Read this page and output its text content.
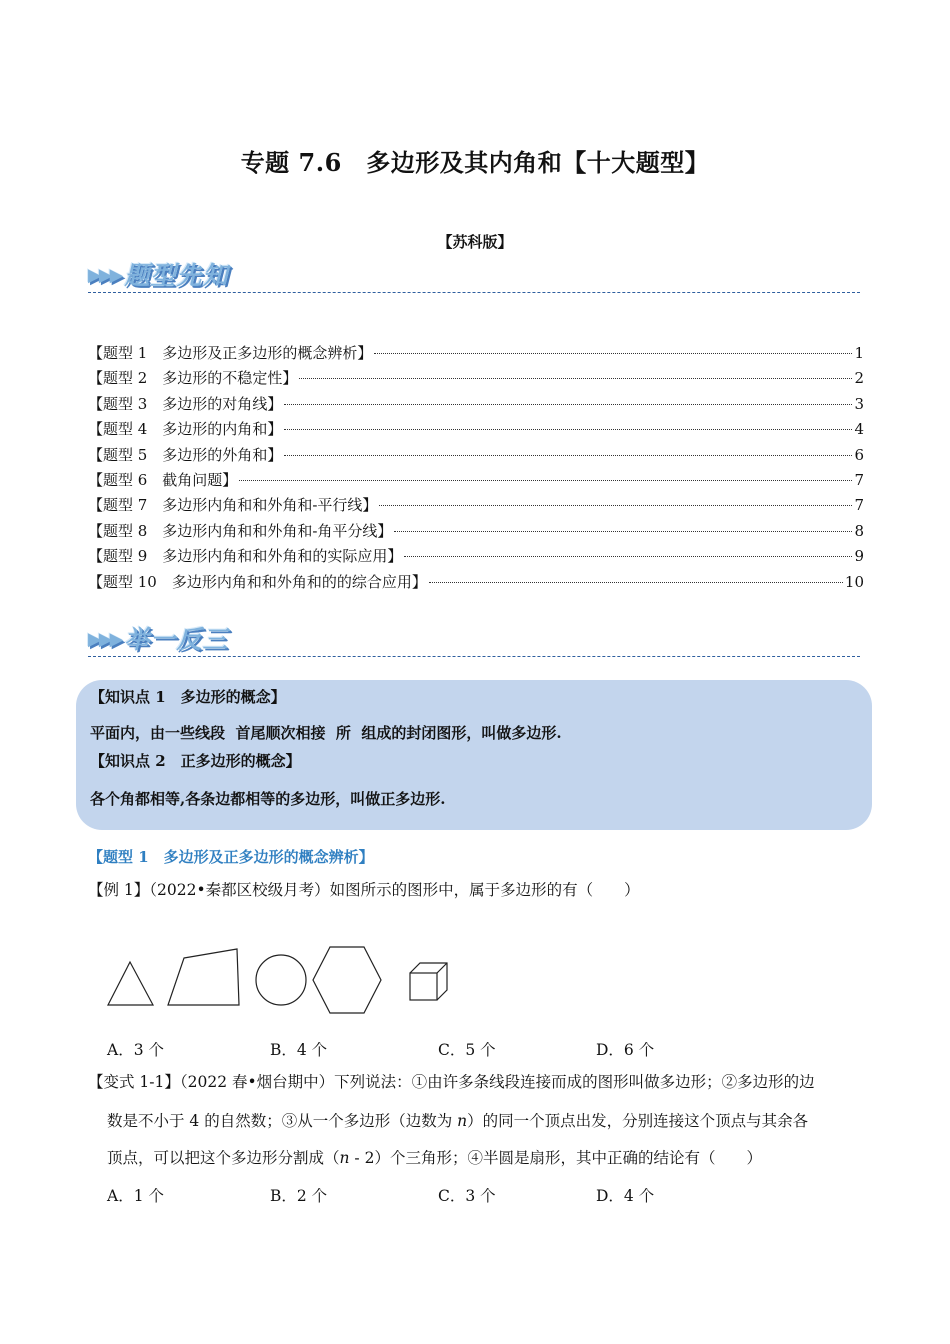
专题 7.6　多边形及其内角和【十大题型】
【苏科版】
▶▶▶ 题型先知
【题型 1　多边形及正多边形的概念辨析】	1
【题型 2　多边形的不稳定性】	2
【题型 3　多边形的对角线】	3
【题型 4　多边形的内角和】	4
【题型 5　多边形的外角和】	6
【题型 6　截角问题】	7
【题型 7　多边形内角和和外角和-平行线】	7
【题型 8　多边形内角和和外角和-角平分线】	8
【题型 9　多边形内角和和外角和的实际应用】	9
【题型 10　多边形内角和和外角和的的综合应用】	10
▶▶▶ 举一反三
【知识点 1　多边形的概念】
平面内，由一些线段  首尾顺次相接  所  组成的封闭图形，叫做多边形.
【知识点 2　正多边形的概念】
各个角都相等,各条边都相等的多边形，叫做正多边形.
【题型 1　多边形及正多边形的概念辨析】
【例 1】（2022•秦都区校级月考）如图所示的图形中，属于多边形的有（　　）
A．3 个	B．4 个	C．5 个	D．6 个
【变式 1-1】（2022 春•烟台期中）下列说法：①由许多条线段连接而成的图形叫做多边形；②多边形的边
数是不小于 4 的自然数；③从一个多边形（边数为 n）的同一个顶点出发，分别连接这个顶点与其余各
顶点，可以把这个多边形分割成（n - 2）个三角形；④半圆是扇形，其中正确的结论有（　　）
A．1 个	B．2 个	C．3 个	D．4 个
